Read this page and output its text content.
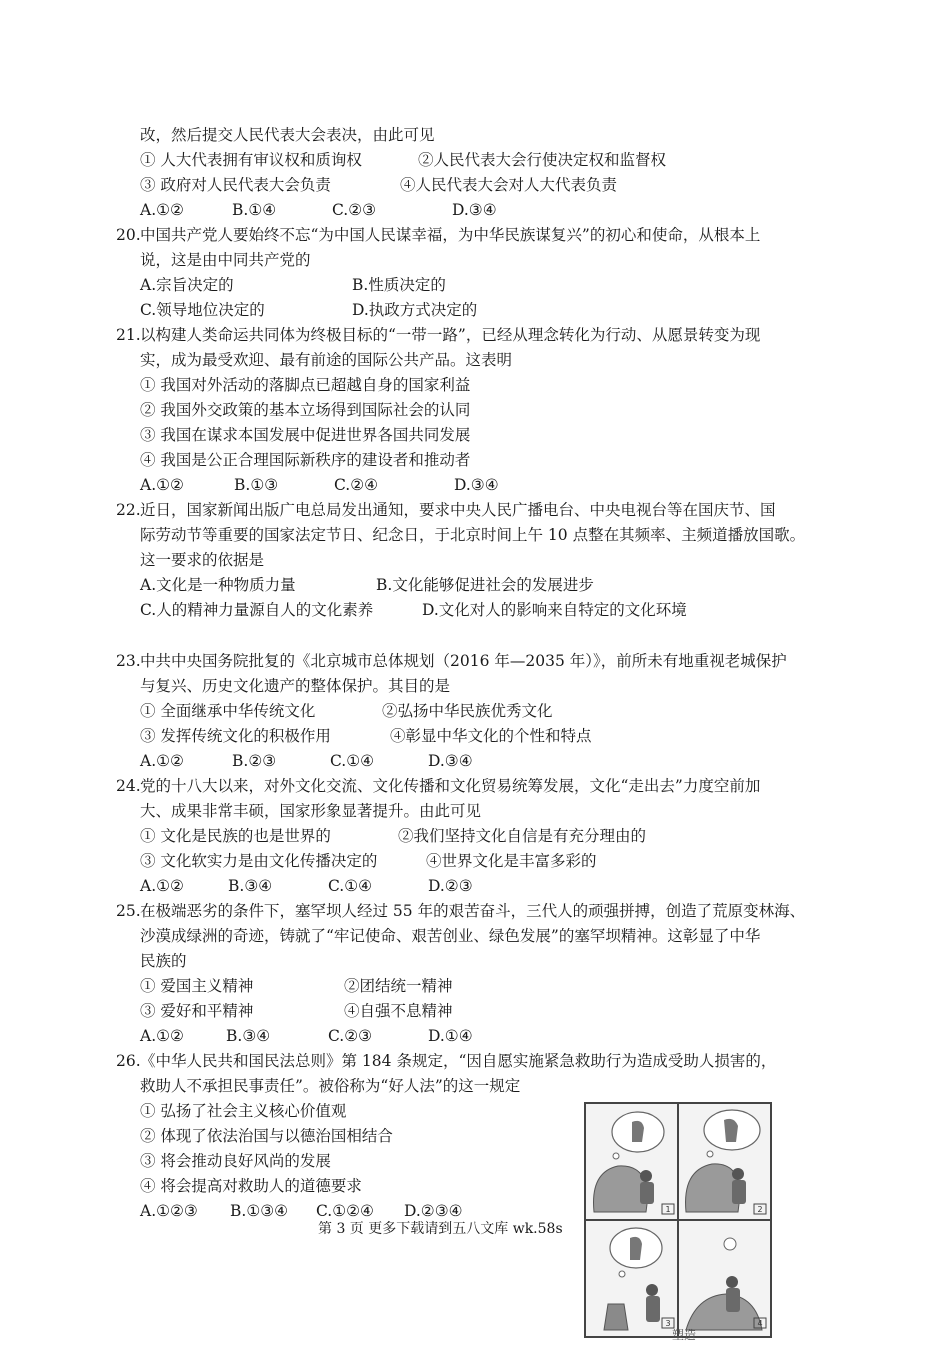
改，然后提交人民代表大会表决，由此可见
① 人大代表拥有审议权和质询权	②人民代表大会行使决定权和监督权
③ 政府对人民代表大会负责	④人民代表大会对人大代表负责
A.①②	B.①④	C.②③	D.③④
20. 中国共产党人要始终不忘“为中国人民谋幸福，为中华民族谋复兴”的初心和使命，从根本上
说，这是由中同共产党的
A.宗旨决定的	B.性质决定的
C.领导地位决定的	D.执政方式决定的
21. 以构建人类命运共同体为终极目标的“一带一路”，已经从理念转化为行动、从愿景转变为现
实，成为最受欢迎、最有前途的国际公共产品。这表明
① 我国对外活动的落脚点已超越自身的国家利益
② 我国外交政策的基本立场得到国际社会的认同
③ 我国在谋求本国发展中促进世界各国共同发展
④ 我国是公正合理国际新秩序的建设者和推动者
A.①②	B.①③	C.②④	D.③④
22. 近日，国家新闻出版广电总局发出通知，要求中央人民广播电台、中央电视台等在国庆节、国
际劳动节等重要的国家法定节日、纪念日，于北京时间上午 10 点整在其频率、主频道播放国歌。
这一要求的依据是
A.文化是一种物质力量	B.文化能够促进社会的发展进步
C.人的精神力量源自人的文化素养	D.文化对人的影响来自特定的文化环境
23. 中共中央国务院批复的《北京城市总体规划（2016 年—2035 年）》，前所未有地重视老城保护
与复兴、历史文化遗产的整体保护。其目的是
① 全面继承中华传统文化	②弘扬中华民族优秀文化
③ 发挥传统文化的积极作用	④彰显中华文化的个性和特点
A.①②	B.②③	C.①④	D.③④
24. 党的十八大以来，对外文化交流、文化传播和文化贸易统筹发展，文化“走出去”力度空前加
大、成果非常丰硕，国家形象显著提升。由此可见
① 文化是民族的也是世界的	②我们坚持文化自信是有充分理由的
③ 文化软实力是由文化传播决定的	④世界文化是丰富多彩的
A.①②	B.③④	C.①④	D.②③
25. 在极端恶劣的条件下，塞罕坝人经过 55 年的艰苦奋斗，三代人的顽强拼搏，创造了荒原变林海、
沙漠成绿洲的奇迹，铸就了“牢记使命、艰苦创业、绿色发展”的塞罕坝精神。这彰显了中华
民族的
① 爱国主义精神	②团结统一精神
③ 爱好和平精神	④自强不息精神
A.①②	B.③④	C.②③	D.①④
26. 《中华人民共和国民法总则》第 184 条规定，“因自愿实施紧急救助行为造成受助人损害的，
救助人不承担民事责任”。被俗称为“好人法”的这一规定
① 弘扬了社会主义核心价值观
② 体现了依法治国与以德治国相结合
③ 将会推动良好风尚的发展
④ 将会提高对救助人的道德要求
A.①②③ B.①③④ C.①②④ D.②③④
第 3 页 更多下载请到五八文库 wk.58s
1	2
3	4
塑造
